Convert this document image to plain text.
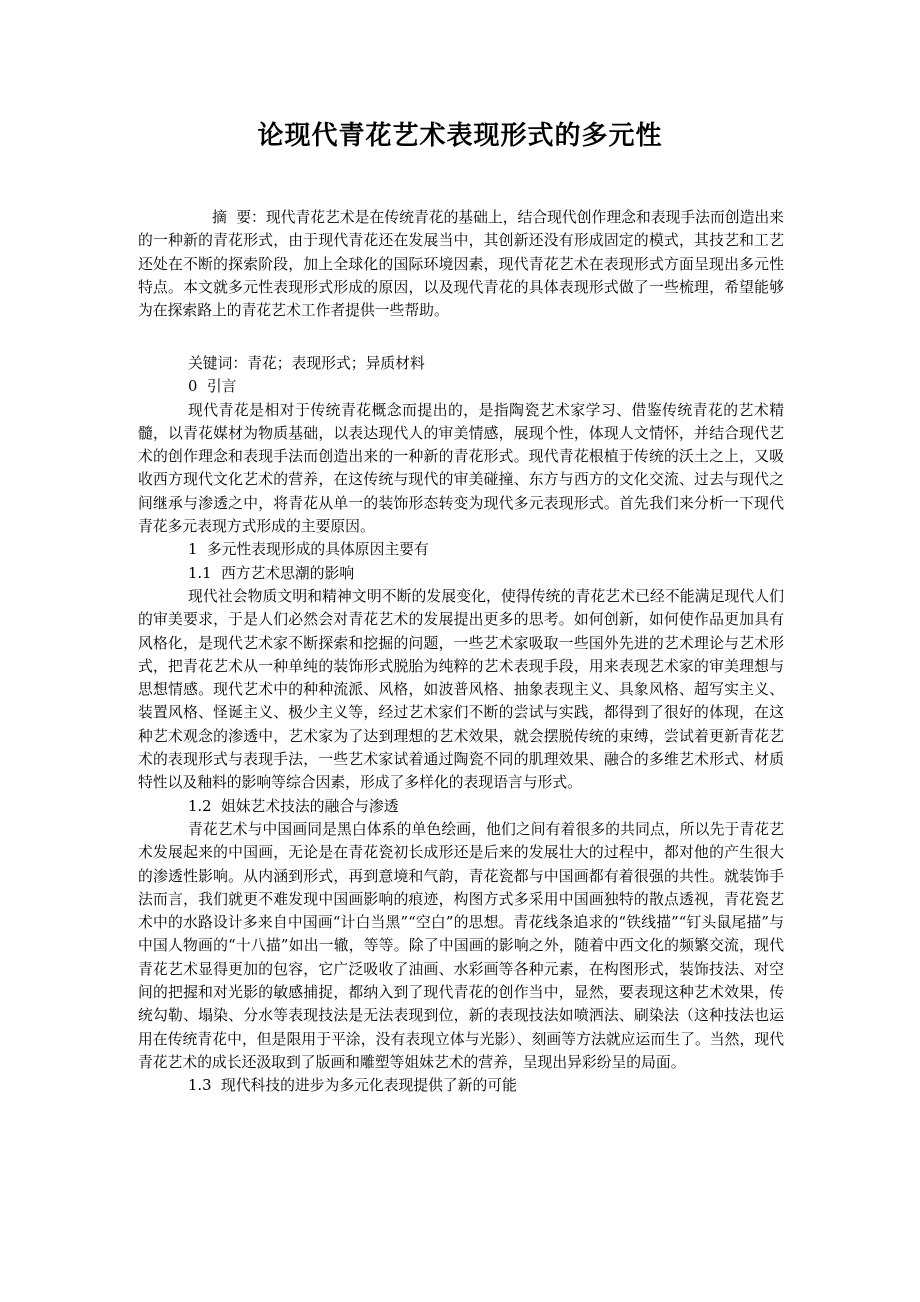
论现代青花艺术表现形式的多元性

摘  要：现代青花艺术是在传统青花的基础上，结合现代创作理念和表现手法而创造出来的一种新的青花形式，由于现代青花还在发展当中，其创新还没有形成固定的模式，其技艺和工艺还处在不断的探索阶段，加上全球化的国际环境因素，现代青花艺术在表现形式方面呈现出多元性特点。本文就多元性表现形式形成的原因，以及现代青花的具体表现形式做了一些梳理，希望能够为在探索路上的青花艺术工作者提供一些帮助。

关键词：青花；表现形式；异质材料

0  引言

现代青花是相对于传统青花概念而提出的，是指陶瓷艺术家学习、借鉴传统青花的艺术精髓，以青花媒材为物质基础，以表达现代人的审美情感，展现个性，体现人文情怀，并结合现代艺术的创作理念和表现手法而创造出来的一种新的青花形式。现代青花根植于传统的沃土之上，又吸收西方现代文化艺术的营养，在这传统与现代的审美碰撞、东方与西方的文化交流、过去与现代之间继承与渗透之中，将青花从单一的装饰形态转变为现代多元表现形式。首先我们来分析一下现代青花多元表现方式形成的主要原因。

1  多元性表现形成的具体原因主要有

1.1  西方艺术思潮的影响

现代社会物质文明和精神文明不断的发展变化，使得传统的青花艺术已经不能满足现代人们的审美要求，于是人们必然会对青花艺术的发展提出更多的思考。如何创新，如何使作品更加具有风格化，是现代艺术家不断探索和挖掘的问题，一些艺术家吸取一些国外先进的艺术理论与艺术形式，把青花艺术从一种单纯的装饰形式脱胎为纯粹的艺术表现手段，用来表现艺术家的审美理想与思想情感。现代艺术中的种种流派、风格，如波普风格、抽象表现主义、具象风格、超写实主义、装置风格、怪诞主义、极少主义等，经过艺术家们不断的尝试与实践，都得到了很好的体现，在这种艺术观念的渗透中，艺术家为了达到理想的艺术效果，就会摆脱传统的束缚，尝试着更新青花艺术的表现形式与表现手法，一些艺术家试着通过陶瓷不同的肌理效果、融合的多维艺术形式、材质特性以及釉料的影响等综合因素，形成了多样化的表现语言与形式。

1.2  姐妹艺术技法的融合与渗透

青花艺术与中国画同是黑白体系的单色绘画，他们之间有着很多的共同点，所以先于青花艺术发展起来的中国画，无论是在青花瓷初长成形还是后来的发展壮大的过程中，都对他的产生很大的渗透性影响。从内涵到形式，再到意境和气韵，青花瓷都与中国画都有着很强的共性。就装饰手法而言，我们就更不难发现中国画影响的痕迹，构图方式多采用中国画独特的散点透视，青花瓷艺术中的水路设计多来自中国画“计白当黑”“空白”的思想。青花线条追求的“铁线描”“钉头鼠尾描”与中国人物画的“十八描”如出一辙，等等。除了中国画的影响之外，随着中西文化的频繁交流，现代青花艺术显得更加的包容，它广泛吸收了油画、水彩画等各种元素，在构图形式，装饰技法、对空间的把握和对光影的敏感捕捉，都纳入到了现代青花的创作当中，显然，要表现这种艺术效果，传统勾勒、塌染、分水等表现技法是无法表现到位，新的表现技法如喷洒法、刷染法（这种技法也运用在传统青花中，但是限用于平涂，没有表现立体与光影）、刻画等方法就应运而生了。当然，现代青花艺术的成长还汲取到了版画和雕塑等姐妹艺术的营养，呈现出异彩纷呈的局面。

1.3  现代科技的进步为多元化表现提供了新的可能
